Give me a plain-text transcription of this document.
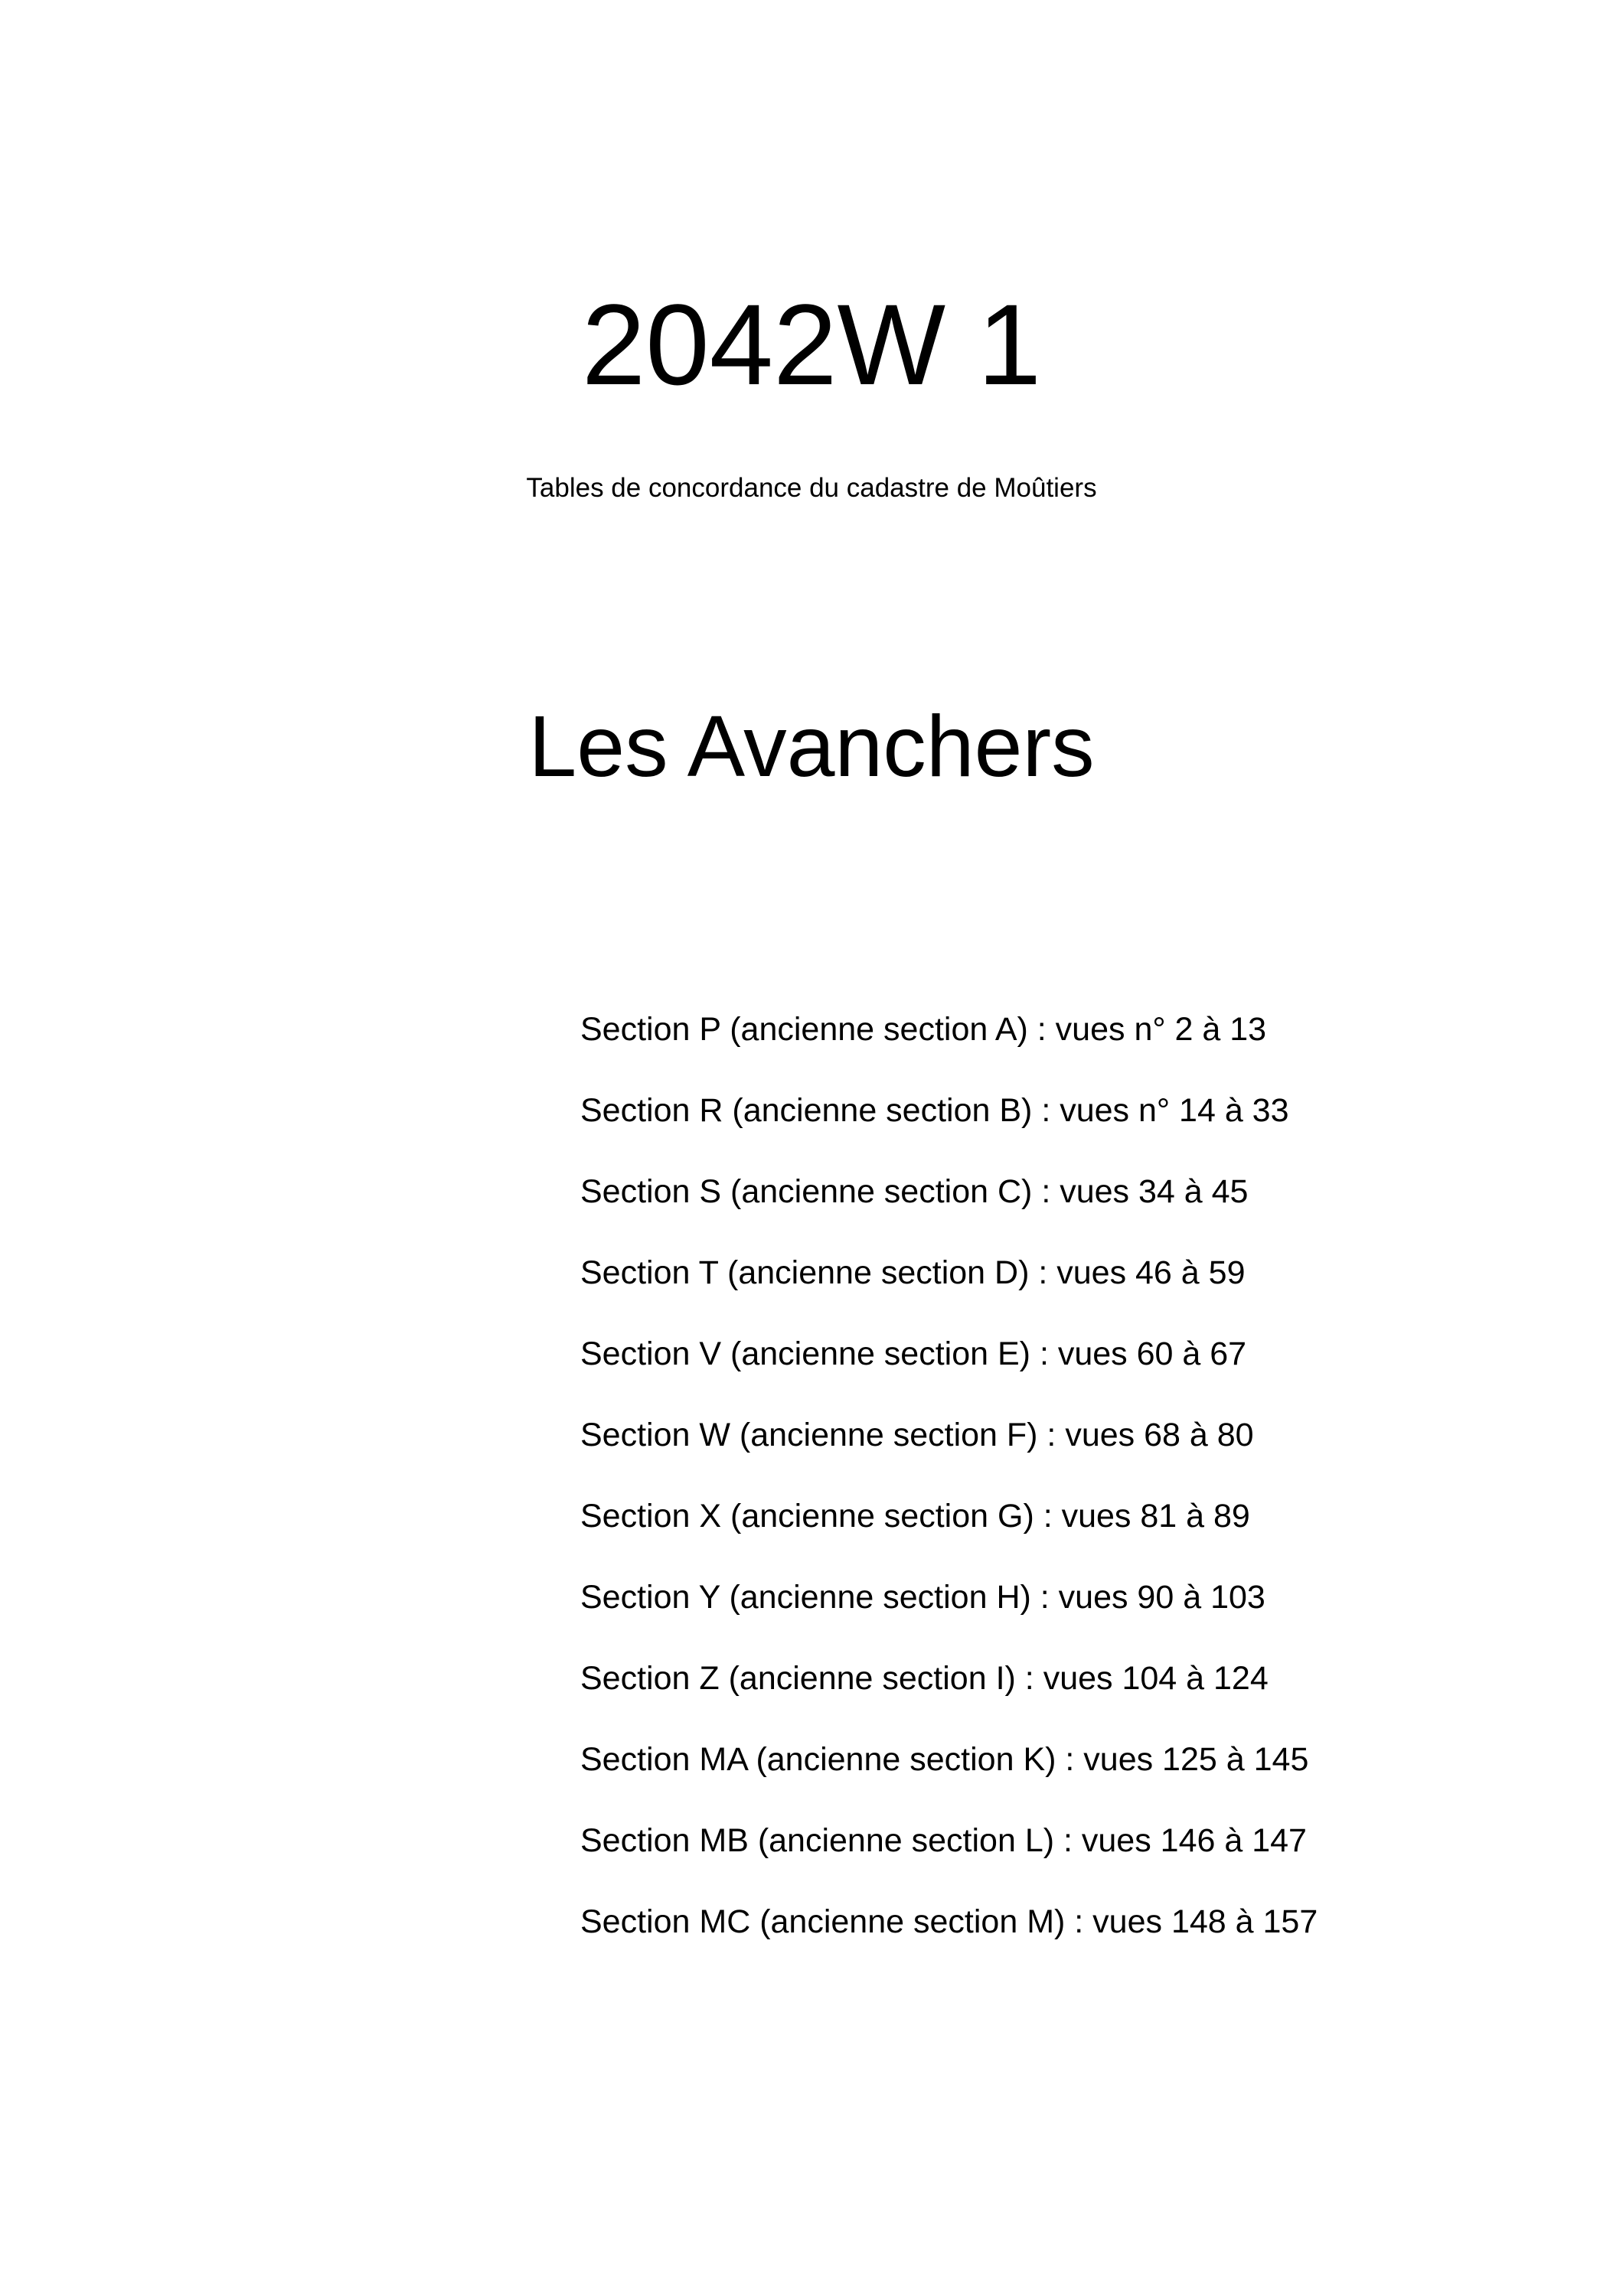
2042W 1

Tables de concordance du cadastre de Moûtiers

Les Avanchers
Section P (ancienne section A) : vues n° 2 à 13
Section R (ancienne section B) : vues n° 14 à 33
Section S (ancienne section C) : vues 34 à 45
Section T (ancienne section D) : vues 46 à 59
Section V (ancienne section E) : vues 60 à 67
Section W (ancienne section F) : vues 68 à 80
Section X (ancienne section G) : vues 81 à 89
Section Y (ancienne section H) : vues 90 à 103
Section Z (ancienne section I) : vues 104 à 124
Section MA (ancienne section K) : vues 125 à 145
Section MB (ancienne section L) : vues 146 à 147
Section MC (ancienne section M) : vues 148 à 157
